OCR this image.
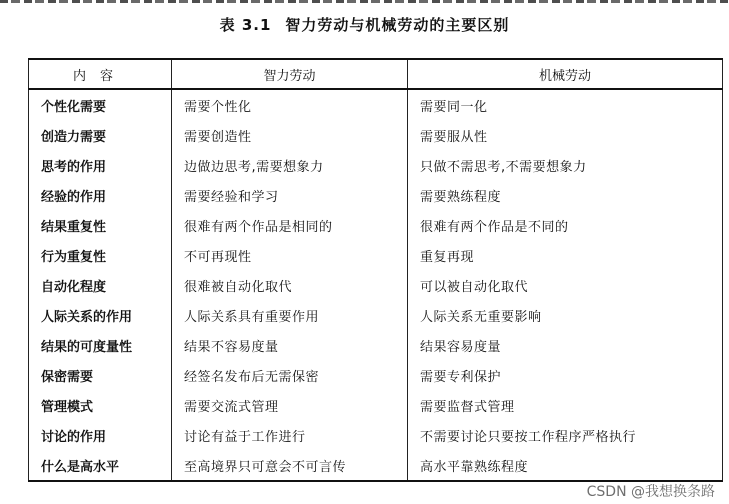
表 3.1 智力劳动与机械劳动的主要区别
内容	智力劳动	机械劳动
个性化需要	需要个性化	需要同一化
创造力需要	需要创造性	需要服从性
思考的作用	边做边思考,需要想象力	只做不需思考,不需要想象力
经验的作用	需要经验和学习	需要熟练程度
结果重复性	很难有两个作品是相同的	很难有两个作品是不同的
行为重复性	不可再现性	重复再现
自动化程度	很难被自动化取代	可以被自动化取代
人际关系的作用	人际关系具有重要作用	人际关系无重要影响
结果的可度量性	结果不容易度量	结果容易度量
保密需要	经签名发布后无需保密	需要专利保护
管理模式	需要交流式管理	需要监督式管理
讨论的作用	讨论有益于工作进行	不需要讨论只要按工作程序严格执行
什么是高水平	至高境界只可意会不可言传	高水平靠熟练程度
CSDN @我想换条路
